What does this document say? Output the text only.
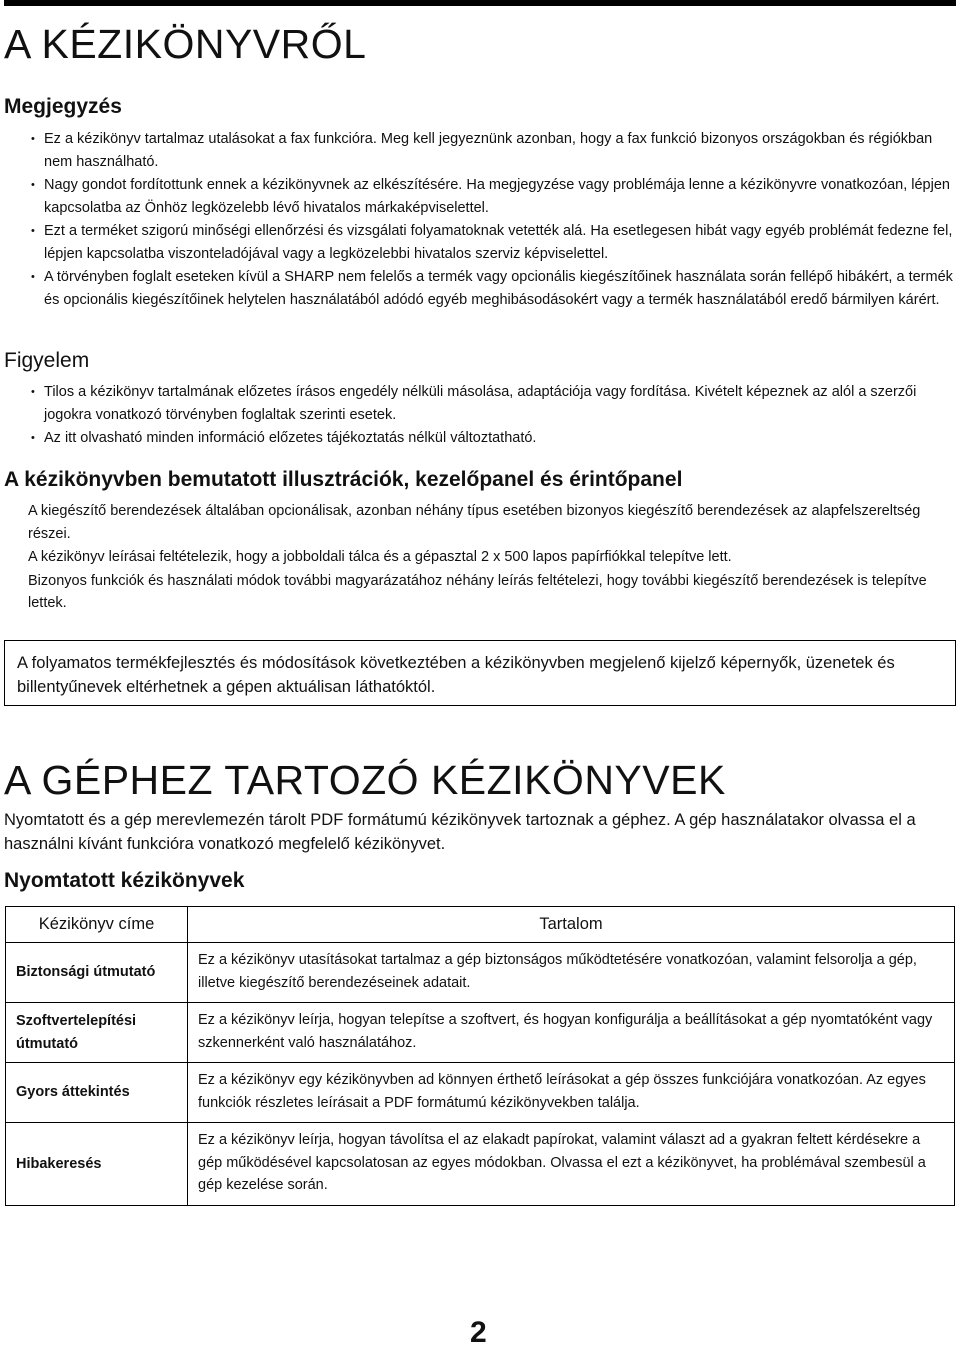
A KÉZIKÖNYVRŐL
Megjegyzés
• Ez a kézikönyv tartalmaz utalásokat a fax funkcióra. Meg kell jegyeznünk azonban, hogy a fax funkció bizonyos országokban és régiókban nem használható.
• Nagy gondot fordítottunk ennek a kézikönyvnek az elkészítésére. Ha megjegyzése vagy problémája lenne a kézikönyvre vonatkozóan, lépjen kapcsolatba az Önhöz legközelebb lévő hivatalos márkaképviselettel.
• Ezt a terméket szigorú minőségi ellenőrzési és vizsgálati folyamatoknak vetették alá. Ha esetlegesen hibát vagy egyéb problémát fedezne fel, lépjen kapcsolatba viszonteladójával vagy a legközelebbi hivatalos szerviz képviselettel.
• A törvényben foglalt eseteken kívül a SHARP nem felelős a termék vagy opcionális kiegészítőinek használata során fellépő hibákért, a termék és opcionális kiegészítőinek helytelen használatából adódó egyéb meghibásodásokért vagy a termék használatából eredő bármilyen kárért.
Figyelem
• Tilos a kézikönyv tartalmának előzetes írásos engedély nélküli másolása, adaptációja vagy fordítása. Kivételt képeznek az alól a szerzői jogokra vonatkozó törvényben foglaltak szerinti esetek.
• Az itt olvasható minden információ előzetes tájékoztatás nélkül változtatható.
A kézikönyvben bemutatott illusztrációk, kezelőpanel és érintőpanel

A kiegészítő berendezések általában opcionálisak, azonban néhány típus esetében bizonyos kiegészítő berendezések az alapfelszereltség részei.

A kézikönyv leírásai feltételezik, hogy a jobboldali tálca és a gépasztal 2 x 500 lapos papírfiókkal telepítve lett.

Bizonyos funkciók és használati módok további magyarázatához néhány leírás feltételezi, hogy további kiegészítő berendezések is telepítve lettek.

A folyamatos termékfejlesztés és módosítások következtében a kézikönyvben megjelenő kijelző képernyők, üzenetek és billentyűnevek eltérhetnek a gépen aktuálisan láthatóktól.
A GÉPHEZ TARTOZÓ KÉZIKÖNYVEK

Nyomtatott és a gép merevlemezén tárolt PDF formátumú kézikönyvek tartoznak a géphez. A gép használatakor olvassa el a használni kívánt funkcióra vonatkozó megfelelő kézikönyvet.

Nyomtatott kézikönyvek
Kézikönyv címe	Tartalom
Biztonsági útmutató	Ez a kézikönyv utasításokat tartalmaz a gép biztonságos működtetésére vonatkozóan, valamint felsorolja a gép, illetve kiegészítő berendezéseinek adatait.
Szoftvertelepítési útmutató	Ez a kézikönyv leírja, hogyan telepítse a szoftvert, és hogyan konfigurálja a beállításokat a gép nyomtatóként vagy szkennerként való használatához.
Gyors áttekintés	Ez a kézikönyv egy kézikönyvben ad könnyen érthető leírásokat a gép összes funkciójára vonatkozóan. Az egyes funkciók részletes leírásait a PDF formátumú kézikönyvekben találja.
Hibakeresés	Ez a kézikönyv leírja, hogyan távolítsa el az elakadt papírokat, valamint választ ad a gyakran feltett kérdésekre a gép működésével kapcsolatosan az egyes módokban. Olvassa el ezt a kézikönyvet, ha problémával szembesül a gép kezelése során.
2
